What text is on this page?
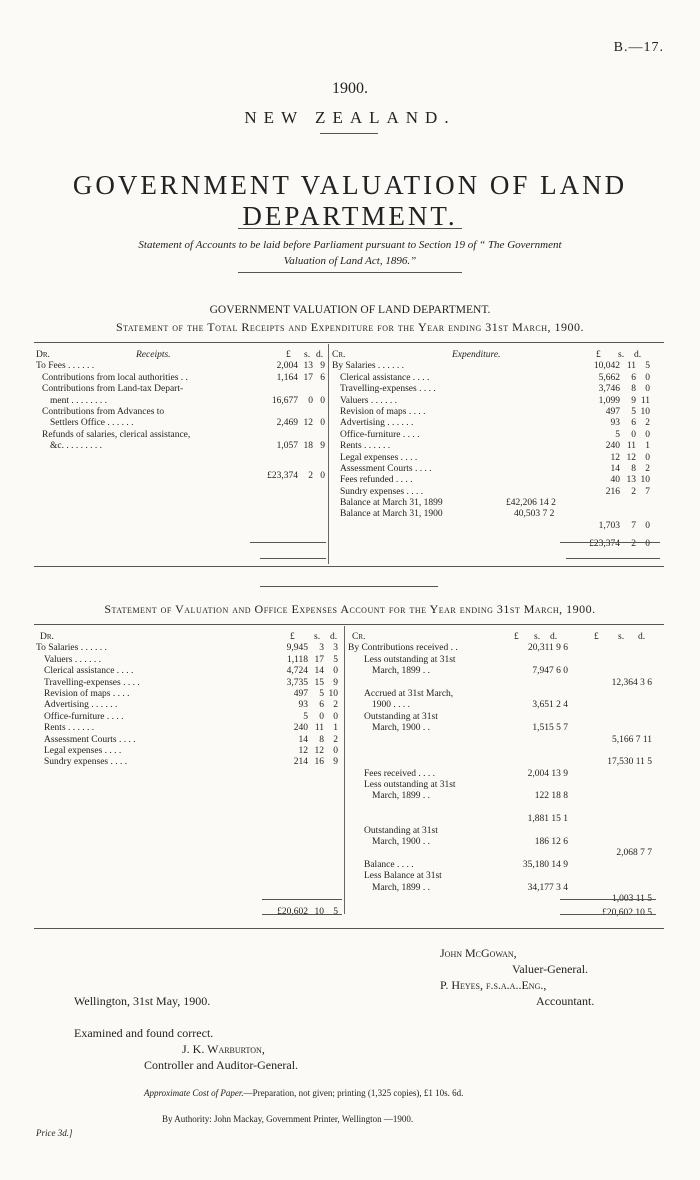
B.—17.
1900.
NEW ZEALAND.
GOVERNMENT VALUATION OF LAND DEPARTMENT.
Statement of Accounts to be laid before Parliament pursuant to Section 19 of “ The Government
Valuation of Land Act, 1896.”
GOVERNMENT VALUATION OF LAND DEPARTMENT.
Statement of the Total Receipts and Expenditure for the Year ending 31st March, 1900.
Dr.	Receipts.	£ s. d.
To Fees . . . . . .	2,004 13 9
Contributions from local authorities . .	1,164 17 6
Contributions from Land-tax Depart-
ment . . . . . . . .	16,677	0 0
Contributions from Advances to
Settlers Office . . . . . .	2,469 12 0
Refunds of salaries, clerical assistance,
&c. . . . . . . . .	1,057 18 9
£23,374	2 0
Cr.	Expenditure.	£ s. d.
By Salaries . . . . . .	10,042 11 5
Clerical assistance . . . .	5,662	6 0
Travelling-expenses . . . .	3,746	8 0
Valuers . . . . . .	1,099	9 11
Revision of maps . . . .	497	5 10
Advertising . . . . . .	93	6 2
Office-furniture . . . .	5	0 0
Rents . . . . . .	240 11 1
Legal expenses . . . .	12 12 0
Assessment Courts . . . .	14	8 2
Fees refunded . . . .	40 13 10
Sundry expenses . . . .	216	2 7
Balance at March 31, 1899	£42,206 14 2
Balance at March 31, 1900	40,503 7 2
1,703	7 0
£23,374	2 0
Statement of Valuation and Office Expenses Account for the Year ending 31st March, 1900.
Dr.	£ s. d.
To Salaries . . . . . .	9,945	3 3
Valuers . . . . . .	1,118 17 5
Clerical assistance . . . .	4,724 14 0
Travelling-expenses . . . .	3,735 15 9
Revision of maps . . . .	497	5 10
Advertising . . . . . .	93	6 2
Office-furniture . . . .	5	0 0
Rents . . . . . .	240 11 1
Assessment Courts . . . .	14	8 2
Legal expenses . . . .	12 12 0
Sundry expenses . . . .	214 16 9
£20,602 10 5
Cr.	£ s. d.	£ s. d.
By Contributions received . .	20,311 9 6
Less outstanding at 31st
March, 1899 . .	7,947 6 0
12,364 3 6
Accrued at 31st March,
1900 . . . .	3,651 2 4
Outstanding at 31st
March, 1900 . .	1,515 5 7
5,166 7 11
17,530 11 5
Fees received . . . .	2,004 13 9
Less outstanding at 31st
March, 1899 . .	122 18 8
1,881 15 1
Outstanding at 31st
March, 1900 . .	186 12 6
2,068 7 7
Balance . . . .	35,180 14 9
Less Balance at 31st
March, 1899 . .	34,177 3 4
1,003 11 5
£20,602 10 5
John McGowan,
Valuer-General.
P. Heyes, f.s.a.a..Eng.,
Accountant.
Wellington, 31st May, 1900.
Examined and found correct.
J. K. Warburton,
Controller and Auditor-General.
Approximate Cost of Paper.—Preparation, not given; printing (1,325 copies), £1 10s. 6d.
By Authority: John Mackay, Government Printer, Wellington —1900.
Price 3d.]
